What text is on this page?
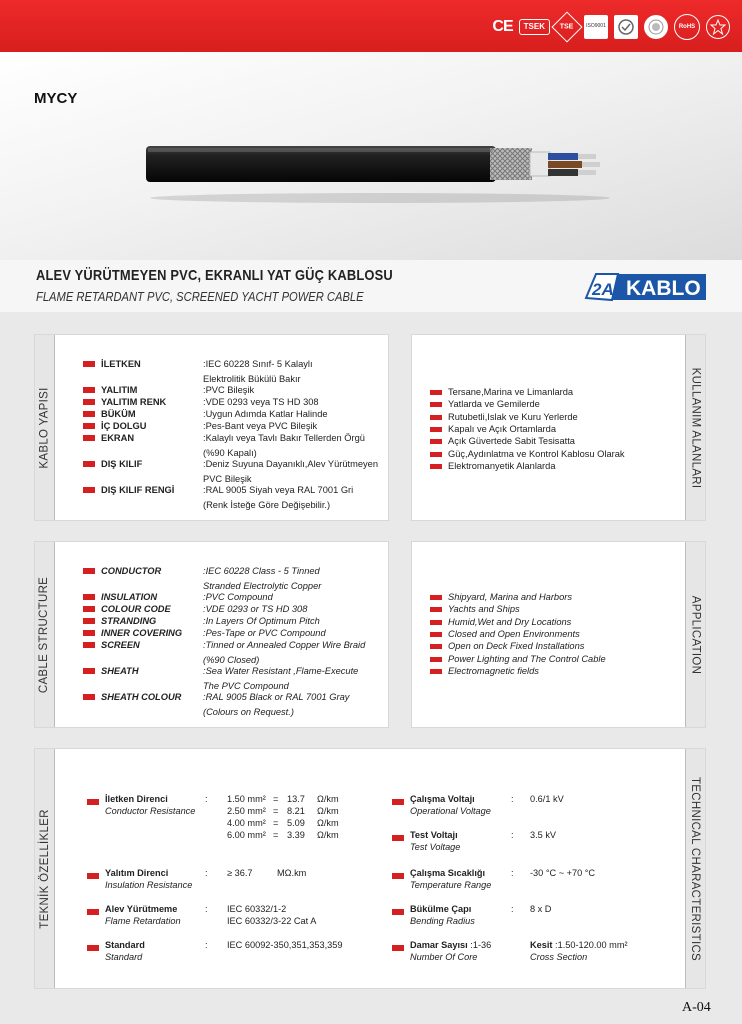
CE	TSEK	TSE	ISO9001	RoHS
MYCY
ALEV YÜRÜTMEYEN PVC, EKRANLI YAT GÜÇ KABLOSU
FLAME RETARDANT PVC, SCREENED YACHT POWER CABLE	2A KABLO
KABLO YAPISI
İLETKEN	:IEC 60228 Sınıf- 5 Kalaylı
Elektrolitik Bükülü Bakır
YALITIM	:PVC Bileşik
YALITIM RENK	:VDE 0293 veya TS HD 308
BÜKÜM	:Uygun Adımda Katlar Halinde
İÇ DOLGU	:Pes-Bant veya PVC Bileşik
EKRAN	:Kalaylı veya Tavlı Bakır Tellerden Örgü
(%90 Kapalı)
DIŞ KILIF	:Deniz Suyuna Dayanıklı,Alev Yürütmeyen
PVC Bileşik
DIŞ KILIF RENGİ	:RAL 9005 Siyah veya RAL 7001 Gri
(Renk İsteğe Göre Değişebilir.)
Tersane,Marina ve Limanlarda
Yatlarda ve Gemilerde
Rutubetli,Islak ve Kuru Yerlerde
Kapalı ve Açık Ortamlarda
Açık Güvertede Sabit Tesisatta
Güç,Aydınlatma ve Kontrol Kablosu Olarak
Elektromanyetik Alanlarda	KULLANIM ALANLARI
CABLE STRUCTURE
CONDUCTOR	:IEC 60228 Class - 5 Tinned
Stranded Electrolytic Copper
INSULATION	:PVC Compound
COLOUR CODE	:VDE 0293 or TS HD 308
STRANDING	:In Layers Of Optimum Pitch
INNER COVERING :Pes-Tape or PVC Compound
SCREEN	:Tinned or Annealed Copper Wire Braid
(%90 Closed)
SHEATH	:Sea Water Resistant ,Flame-Execute
The PVC Compound
SHEATH COLOUR :RAL 9005 Black or RAL 7001 Gray
(Colours on Request.)
Shipyard, Marina and Harbors
Yachts and Ships
Humid,Wet and Dry Locations
Closed and Open Environments
Open on Deck Fixed Installations
Power Lighting and The Control Cable
Electromagnetic fields	APPLICATION
TEKNİK ÖZELLİKLER	TECHNICAL CHARACTERISTICS
İletken Direnci
Conductor Resistance
: 1.50 mm² = 13.7 Ω/km
2.50 mm² = 8.21 Ω/km
4.00 mm² = 5.09 Ω/km
6.00 mm² = 3.39 Ω/km
Yalıtım Direnci
Insulation Resistance
: ≥ 36.7	MΩ.km
Alev Yürütmeme
Flame Retardation
: IEC 60332/1-2
IEC 60332/3-22 Cat A
Standard
Standard
: IEC 60092-350,351,353,359
Çalışma Voltajı
Operational Voltage
: 0.6/1 kV
Test Voltajı
Test Voltage
: 3.5 kV
Çalışma Sıcaklığı
Temperature Range
: -30 °C ~ +70 °C
Bükülme Çapı
Bending Radius
: 8 x D
Damar Sayısı :1-36
Number Of Core
Kesit :1.50-120.00 mm²
Cross Section
A-04
